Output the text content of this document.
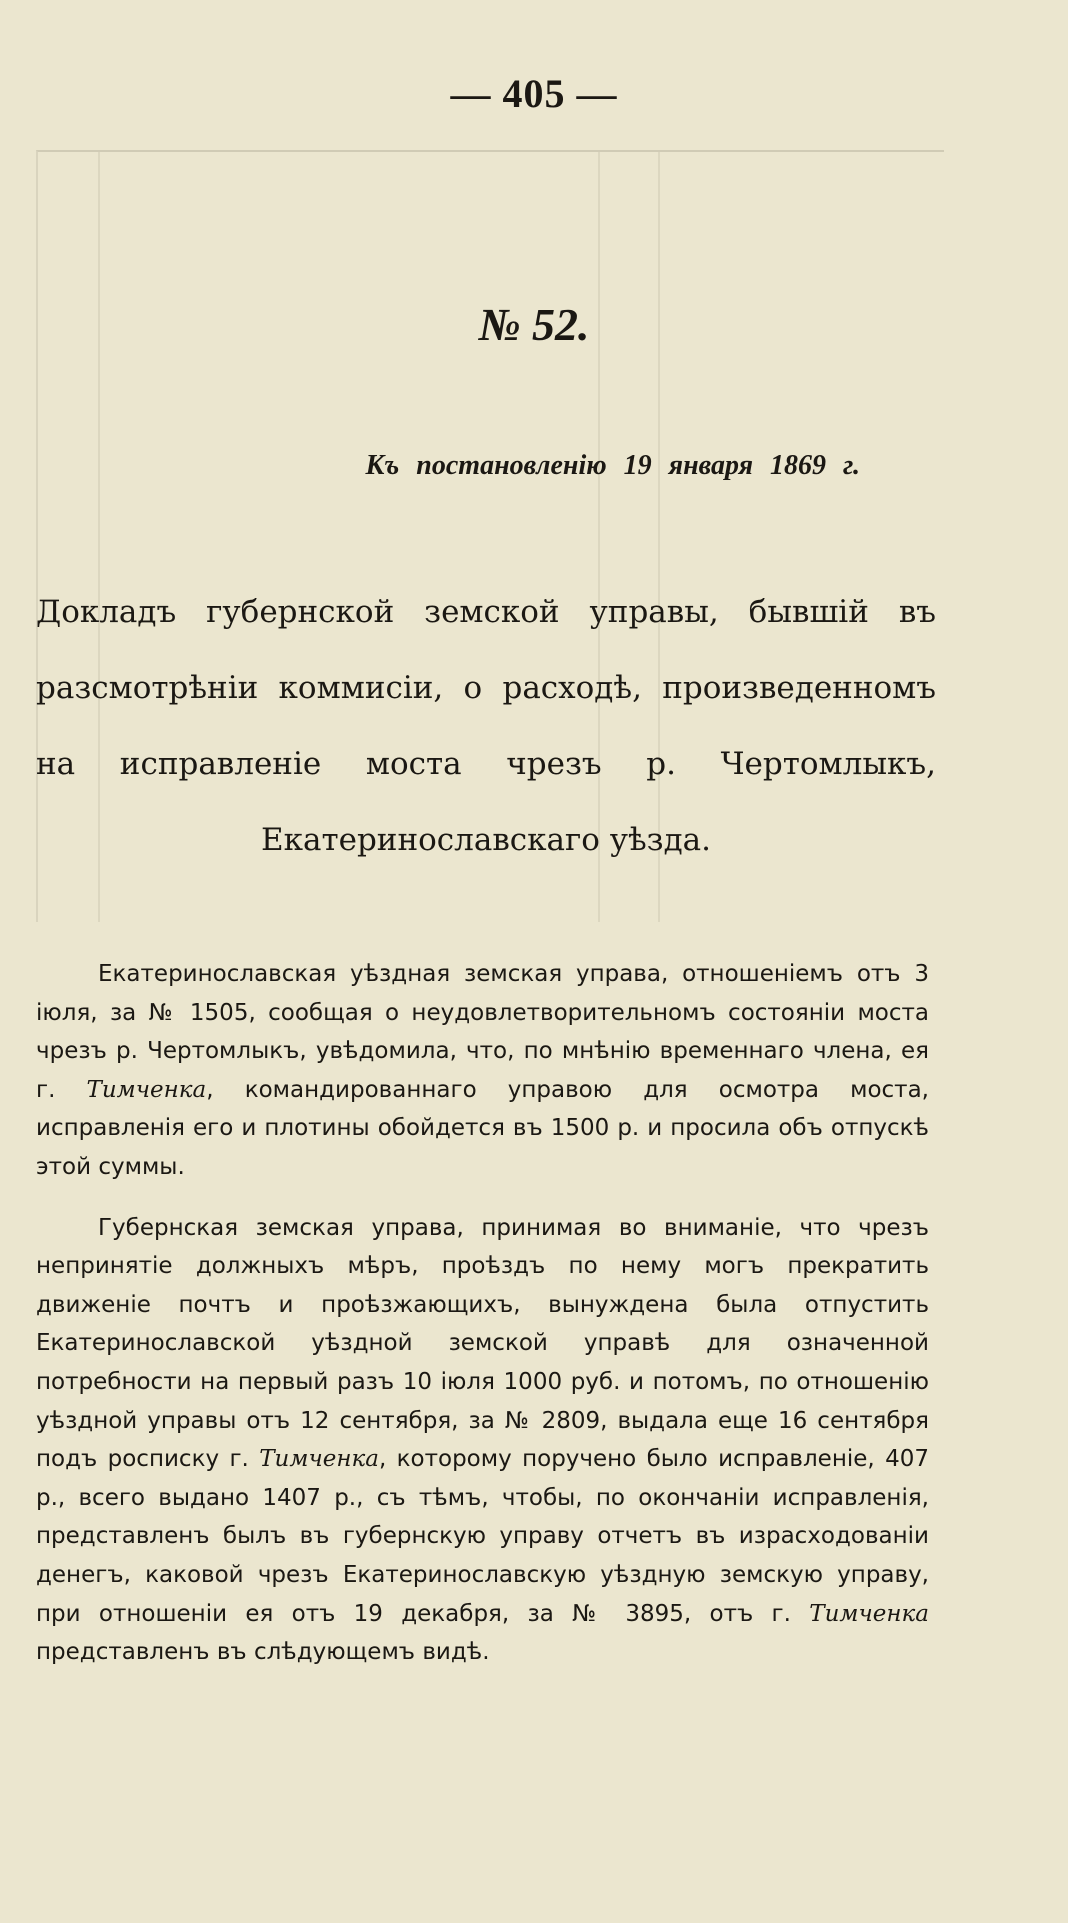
— 405 —
№ 52.
Къ постановленію 19 января 1869 г.
Докладъ губернской земской управы, бывшій въ разсмотрѣніи коммисіи, о расходѣ, произведенномъ на исправленіе моста чрезъ р. Чертомлыкъ, Екатеринославскаго уѣзда.

Екатеринославская уѣздная земская управа, отношеніемъ отъ 3 іюля, за № 1505, сообщая о неудовлетворительномъ состояніи моста чрезъ р. Чертомлыкъ, увѣдомила, что, по мнѣнію временнаго члена, ея г. Тимченка, командированнаго управою для осмотра моста, исправленія его и плотины обойдется въ 1500 р. и просила объ отпускѣ этой суммы.

Губернская земская управа, принимая во вниманіе, что чрезъ непринятіе должныхъ мѣръ, проѣздъ по нему могъ прекратить движеніе почтъ и проѣзжающихъ, вынуждена была отпустить Екатеринославской уѣздной земской управѣ для означенной потребности на первый разъ 10 іюля 1000 руб. и потомъ, по отношенію уѣздной управы отъ 12 сентября, за № 2809, выдала еще 16 сентября подъ росписку г. Тимченка, которому поручено было исправленіе, 407 р., всего выдано 1407 р., съ тѣмъ, чтобы, по окончаніи исправленія, представленъ былъ въ губернскую управу отчетъ въ израсходованіи денегъ, каковой чрезъ Екатеринославскую уѣздную земскую управу, при отношеніи ея отъ 19 декабря, за № 3895, отъ г. Тимченка представленъ въ слѣдующемъ видѣ.
